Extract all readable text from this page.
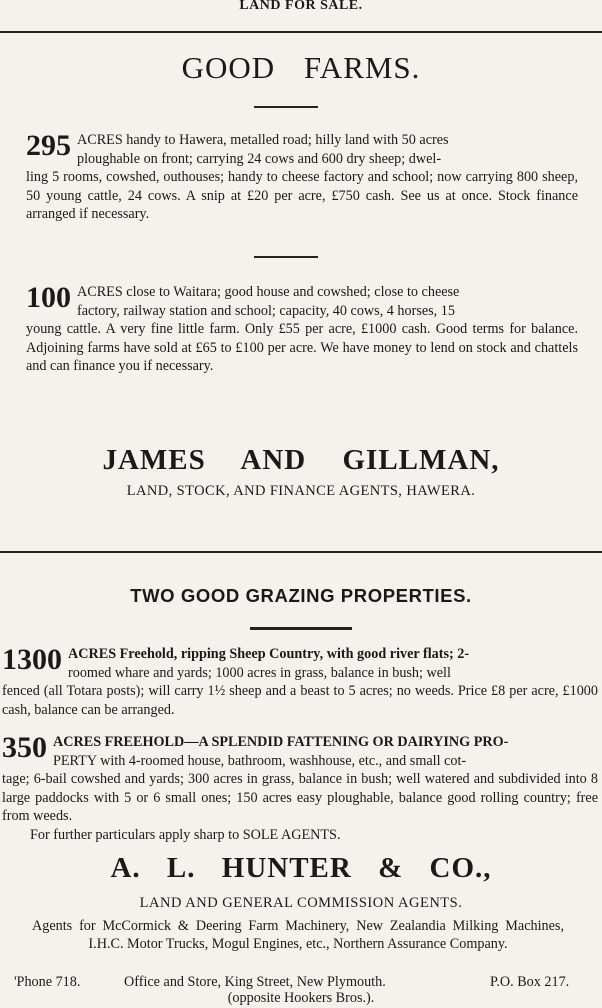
LAND FOR SALE.
GOOD FARMS.
295 ACRES handy to Hawera, metalled road; hilly land with 50 acres
ploughable on front; carrying 24 cows and 600 dry sheep; dwel-
ling 5 rooms, cowshed, outhouses; handy to cheese factory and school; now carrying 800 sheep, 50 young cattle, 24 cows. A snip at £20 per acre, £750 cash. See us at once. Stock finance arranged if necessary.
100 ACRES close to Waitara; good house and cowshed; close to cheese
factory, railway station and school; capacity, 40 cows, 4 horses, 15
young cattle. A very fine little farm. Only £55 per acre, £1000 cash. Good terms for balance. Adjoining farms have sold at £65 to £100 per acre. We have money to lend on stock and chattels and can finance you if necessary.
JAMES AND GILLMAN,
LAND, STOCK, AND FINANCE AGENTS, HAWERA.
TWO GOOD GRAZING PROPERTIES.
1300 ACRES Freehold, ripping Sheep Country, with good river flats; 2-
roomed whare and yards; 1000 acres in grass, balance in bush; well
fenced (all Totara posts); will carry 1½ sheep and a beast to 5 acres; no weeds. Price £8 per acre, £1000 cash, balance can be arranged.
350 ACRES FREEHOLD—A SPLENDID FATTENING OR DAIRYING PRO-
PERTY with 4-roomed house, bathroom, washhouse, etc., and small cot-
tage; 6-bail cowshed and yards; 300 acres in grass, balance in bush; well watered and subdivided into 8 large paddocks with 5 or 6 small ones; 150 acres easy ploughable, balance good rolling country; free from weeds.
For further particulars apply sharp to SOLE AGENTS.
A. L. HUNTER & CO.,
LAND AND GENERAL COMMISSION AGENTS.
Agents for McCormick & Deering Farm Machinery, New Zealandia Milking Machines, I.H.C. Motor Trucks, Mogul Engines, etc., Northern Assurance Company.
'Phone 718.	Office and Store, King Street, New Plymouth.	P.O. Box 217.
(opposite Hookers Bros.).
